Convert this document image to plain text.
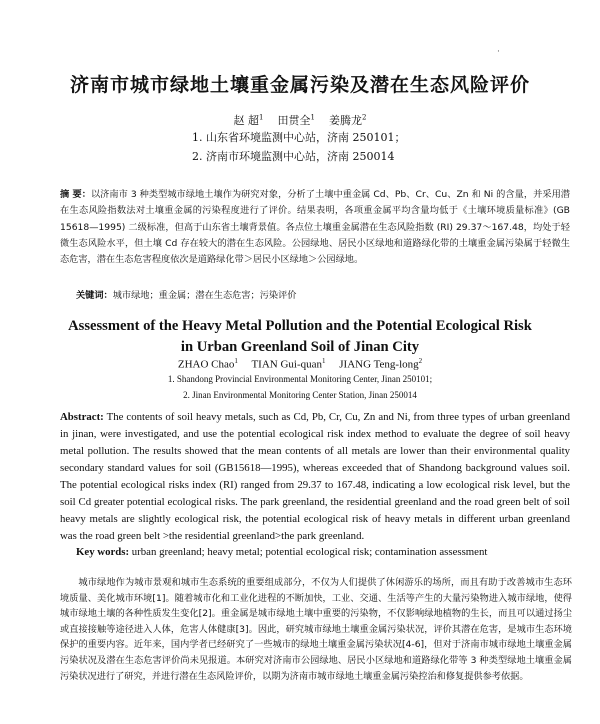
·
济南市城市绿地土壤重金属污染及潜在生态风险评价
赵 超$^1$ 田贯全$^1$ 姜腾龙$^2$
1. 山东省环境监测中心站，济南 250101；
2. 济南市环境监测中心站，济南 250014
摘 要：以济南市 3 种类型城市绿地土壤作为研究对象，分析了土壤中重金属 Cd、Pb、Cr、Cu、Zn 和 Ni 的含量，并采用潜在生态风险指数法对土壤重金属的污染程度进行了评价。结果表明，各项重金属平均含量均低于《土壤环境质量标准》(GB 15618—1995) 二级标准，但高于山东省土壤背景值。各点位土壤重金属潜在生态风险指数 (RI) 29.37～167.48，均处于轻微生态风险水平，但土壤 Cd 存在较大的潜在生态风险。公园绿地、居民小区绿地和道路绿化带的土壤重金属污染属于轻微生态危害，潜在生态危害程度依次是道路绿化带＞居民小区绿地＞公园绿地。
关键词：城市绿地；重金属；潜在生态危害；污染评价
Assessment of the Heavy Metal Pollution and the Potential Ecological Risk
in Urban Greenland Soil of Jinan City
ZHAO Chao$^1$ TIAN Gui-quan$^1$ JIANG Teng-long$^2$
1. Shandong Provincial Environmental Monitoring Center, Jinan 250101;
2. Jinan Environmental Monitoring Center Station, Jinan 250014
Abstract: The contents of soil heavy metals, such as Cd, Pb, Cr, Cu, Zn and Ni, from three types of urban greenland in jinan, were investigated, and use the potential ecological risk index method to evaluate the degree of soil heavy metal pollution. The results showed that the mean contents of all metals are lower than their environmental quality secondary standard values for soil (GB15618—1995), whereas exceeded that of Shandong background values soil. The potential ecological risks index (RI) ranged from 29.37 to 167.48, indicating a low ecological risk level, but the soil Cd greater potential ecological risks. The park greenland, the residential greenland and the road green belt of soil heavy metals are slightly ecological risk, the potential ecological risk of heavy metals in different urban greenland was the road green belt >the residential greenland>the park greenland.
Key words: urban greenland; heavy metal; potential ecological risk; contamination assessment
城市绿地作为城市景观和城市生态系统的重要组成部分，不仅为人们提供了休闲游乐的场所，而且有助于改善城市生态环境质量、美化城市环境[1]。随着城市化和工业化进程的不断加快，工业、交通、生活等产生的大量污染物进入城市绿地，使得城市绿地土壤的各种性质发生变化[2]。重金属是城市绿地土壤中重要的污染物，不仅影响绿地植物的生长，而且可以通过扬尘或直接接触等途径进入人体，危害人体健康[3]。因此，研究城市绿地土壤重金属污染状况，评价其潜在危害，是城市生态环境保护的重要内容。近年来，国内学者已经研究了一些城市的绿地土壤重金属污染状况[4-6]，但对于济南市城市绿地土壤重金属污染状况及潜在生态危害评价尚未见报道。本研究对济南市公园绿地、居民小区绿地和道路绿化带等 3 种类型绿地土壤重金属污染状况进行了研究，并进行潜在生态风险评价，以期为济南市城市绿地土壤重金属污染控治和修复提供参考依据。
